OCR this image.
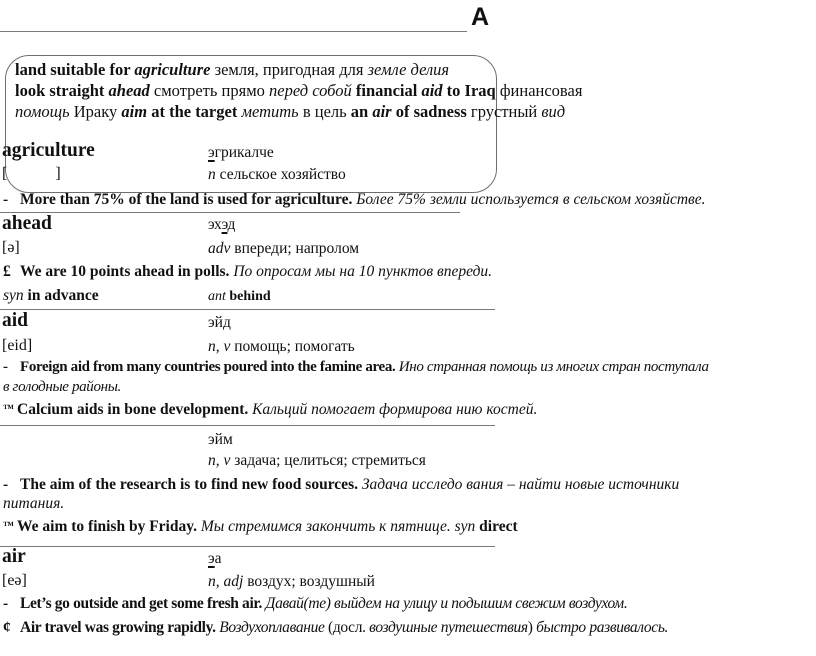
A
land suitable for agriculture земля, пригодная для земле делия
look straight ahead смотреть прямо перед собой financial aid to Iraq финансовая
помощь Ираку aim at the target метить в цель an air of sadness грустный вид
agriculture	эгрикалче
[            ]	n сельское хозяйство
- More than 75% of the land is used for agriculture. Более 75% земли используется в сельском хозяйстве.
ahead	эхэд
[ə]	adv впереди; напролом
£ We are 10 points ahead in polls. По опросам мы на 10 пунктов впереди.
syn in advance	ant behind
aid	эйд
[eid]	n, v помощь; помогать
- Foreign aid from many countries poured into the famine area. Ино странная помощь из многих стран поступала
в голодные районы.
™ Calcium aids in bone development. Кальций помогает формирова нию костей.
эйм
n, v задача; целиться; стремиться
- The aim of the research is to find new food sources. Задача исследо вания – найти новые источники
питания.
™ We aim to finish by Friday. Мы стремимся закончить к пятнице. syn direct
air	эа
[eə]	n, adj воздух; воздушный
- Let’s go outside and get some fresh air. Давай(те) выйдем на улицу и подышим свежим воздухом.
¢ Air travel was growing rapidly. Воздухоплавание (досл. воздушные путешествия) быстро развивалось.
